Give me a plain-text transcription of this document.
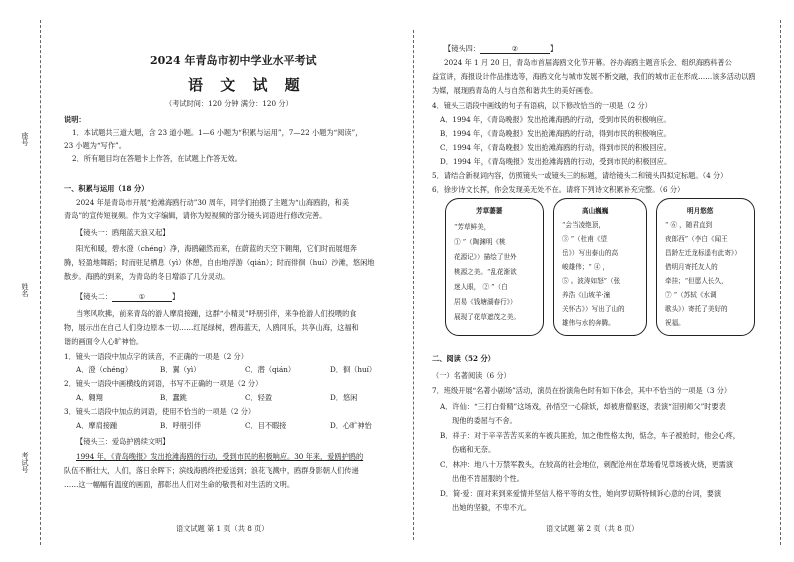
座号
姓名
考试号
2024 年青岛市初中学业水平考试
语 文 试 题
（考试时间：120 分钟 满分：120 分）
说明：
1．本试题共三道大题，含 23 道小题。1—6 小题为“积累与运用”，7—22 小题为“阅读”，
23 小题为“写作”。
2．所有题目均在答题卡上作答，在试题上作答无效。
一、积累与运用（18 分）
2024 年是青岛市开展“抢滩海鸥行动”30 周年，同学们拍摄了主题为“山海鸥韵，和美
青岛”的宣传短视频。作为文字编辑，请你为短视频的部分镜头词语进行修改完善。
【镜头一：鸥翔蓝天浪又起】
阳光和暖，碧水澄（chéng）净，海鸥翩然而来，在蔚蓝的天空下翱翔，它们时而展翅奔
腾，轻盈地舞蹈；时而驻足栖息（yì）休憩，自由地浮游（qián）；时而徘徊（huí）沙滩，悠闲地
散步。海鸥的到来，为青岛的冬日增添了几分灵动。
【镜头二：	①	】
当寒风吹拂，前来青岛的游人摩肩接踵，这群“小精灵”呼朋引伴，来争抢游人们投喂的食
物，展示出在自己人们身边原本一切……红尾绿树，碧海蓝天，人鸥同乐，共享山海，这福和
谐的画面令人心旷神怡。
1．镜头一语段中加点字的读音，不正确的一项是（2 分）
A．澄（chéng）	B．翼（yì）	C．潜（qián）	D．徊（huí）
2．镜头一语段中画横线的词语，书写不正确的一项是（2 分）
A．翱翔	B．蠢跳	C．轻盈	D．悠闲
3．镜头二语段中加点的词语，使用不恰当的一项是（2 分）
A．摩肩接踵	B．呼朋引伴	C．目不暇接	D．心旷神怡
【镜头三：爱岛护鸥续文明】
1994 年，《青岛晚报》发出抢滩海鸥的行动，受到市民的积极响应。30 年来，爱鸥护鸥的
队伍不断壮大，人们，落日余晖下；滨线海鸥终把爱送到；浪花飞溅中，鸥群身影朝人们传递
……这一幅幅有温度的画面，都彰出人们对生命的敬畏和对生活的文明。
语文试题 第 1 页（共 8 页）
【镜头四：	②	】
2024 年 1 月 20 日，青岛市首届海鸥文化节开幕。谷办海鸥主题音乐会、组织海鸥科普公
益宣讲，海报设计作品推选等，海鸥文化与城市发展不断交融，我们的城市正在形成……该多活动以鸥
为媒，展现鸥青岛的人与自然和谐共生的美好画卷。
4．镜头三语段中画线的句子有语病，以下修改恰当的一项是（2 分）
A．1994 年，《青岛晚报》发出抢滩海鸥的行动，受到市民的积极响应。
B．1994 年，《青岛晚报》发出抢滩海鸥的行动，得到市民的积极响应。
C．1994 年，《青岛晚报》发出抢滩海鸥的行动，得到市民的积极回应。
D．1994 年，《青岛晚报》发出抢滩海鸥的行动，受到市民的积极回应。
5．请结合新视词内容，仿照镜头一或镜头三的标题，请给镜头二和镜头四拟定标题。（4 分）
6．徐步诗文长挥，你会发现美无处不在。请将下列诗文积累补充完整。（6 分）
芳草萋萋
“芳草鲜美，
① ”（陶渊明《桃
花源记》）描绘了世外
桃源之美。“乱花渐欲
迷人眼， ② ”（白
居易《钱塘湖春行》）
展现了花草遮茂之美。
高山巍巍
“会当凌绝顶，
③ ”（杜甫《望
岳》）写出泰山的高
峻雄伟；“ ④ ，
⑤ 。波涛如怒”（张
养浩《山坡羊·潼
关怀古》）写出了山的
雄伟与水的奔腾。
明月悠悠
“ ⑥ ，随君直到
夜郎西”（李白《闻王
昌龄左迁龙标遥有此寄》）
借明月寄托友人的
牵挂；“但愿人长久，
⑦ ”（苏轼《水调
歌头》）寄托了美好的
祝福。
二、阅读（52 分）
（一）名著阅读（6 分）
7．班级开展“名著小剧场”活动，演员在扮演角色时有如下体会，其中不恰当的一项是（3 分）
A．许仙：“三打白骨精”这场戏，孙悟空一心除妖，却被唐僧驱逐，表演“泪别师父”时要表
现他的委屈与不舍。
B．祥子：对于辛辛苦苦买来的车被兵匪抢，加之他性格太拘，惦念，车子被抢时，他会心疼，
伤痛和无奈。
C．林冲：地八十万禁军教头，在较高的社会地位，刺配沧州在草场看见草场被火烧，更需演
出他不肯屈服的个性。
D．简·爱：面对来到来爱情并坚信人格平等的女性，她向罗切斯特倾诉心意的台词，要演
出她的坚毅，不卑不亢。
语文试题 第 2 页（共 8 页）
